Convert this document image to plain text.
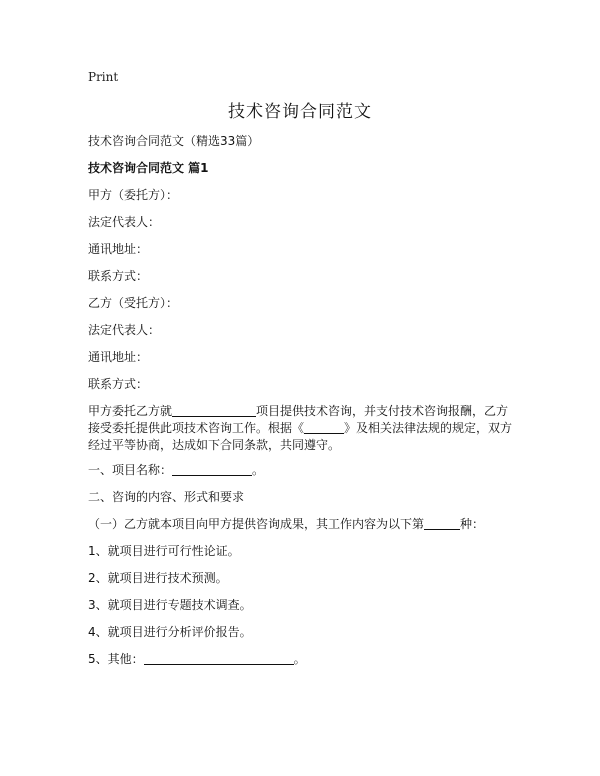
Print
技术咨询合同范文
技术咨询合同范文（精选33篇）
技术咨询合同范文 篇1
甲方（委托方）：
法定代表人：
通讯地址：
联系方式：
乙方（受托方）：
法定代表人：
通讯地址：
联系方式：
甲方委托乙方就	项目提供技术咨询，并支付技术咨询报酬，乙方接受委托提供此项技术咨询工作。根据《	》及相关法律法规的规定，双方经过平等协商，达成如下合同条款，共同遵守。
一、项目名称：	。
二、咨询的内容、形式和要求
（一）乙方就本项目向甲方提供咨询成果，其工作内容为以下第	种：
1、就项目进行可行性论证。
2、就项目进行技术预测。
3、就项目进行专题技术调查。
4、就项目进行分析评价报告。
5、其他：	。
